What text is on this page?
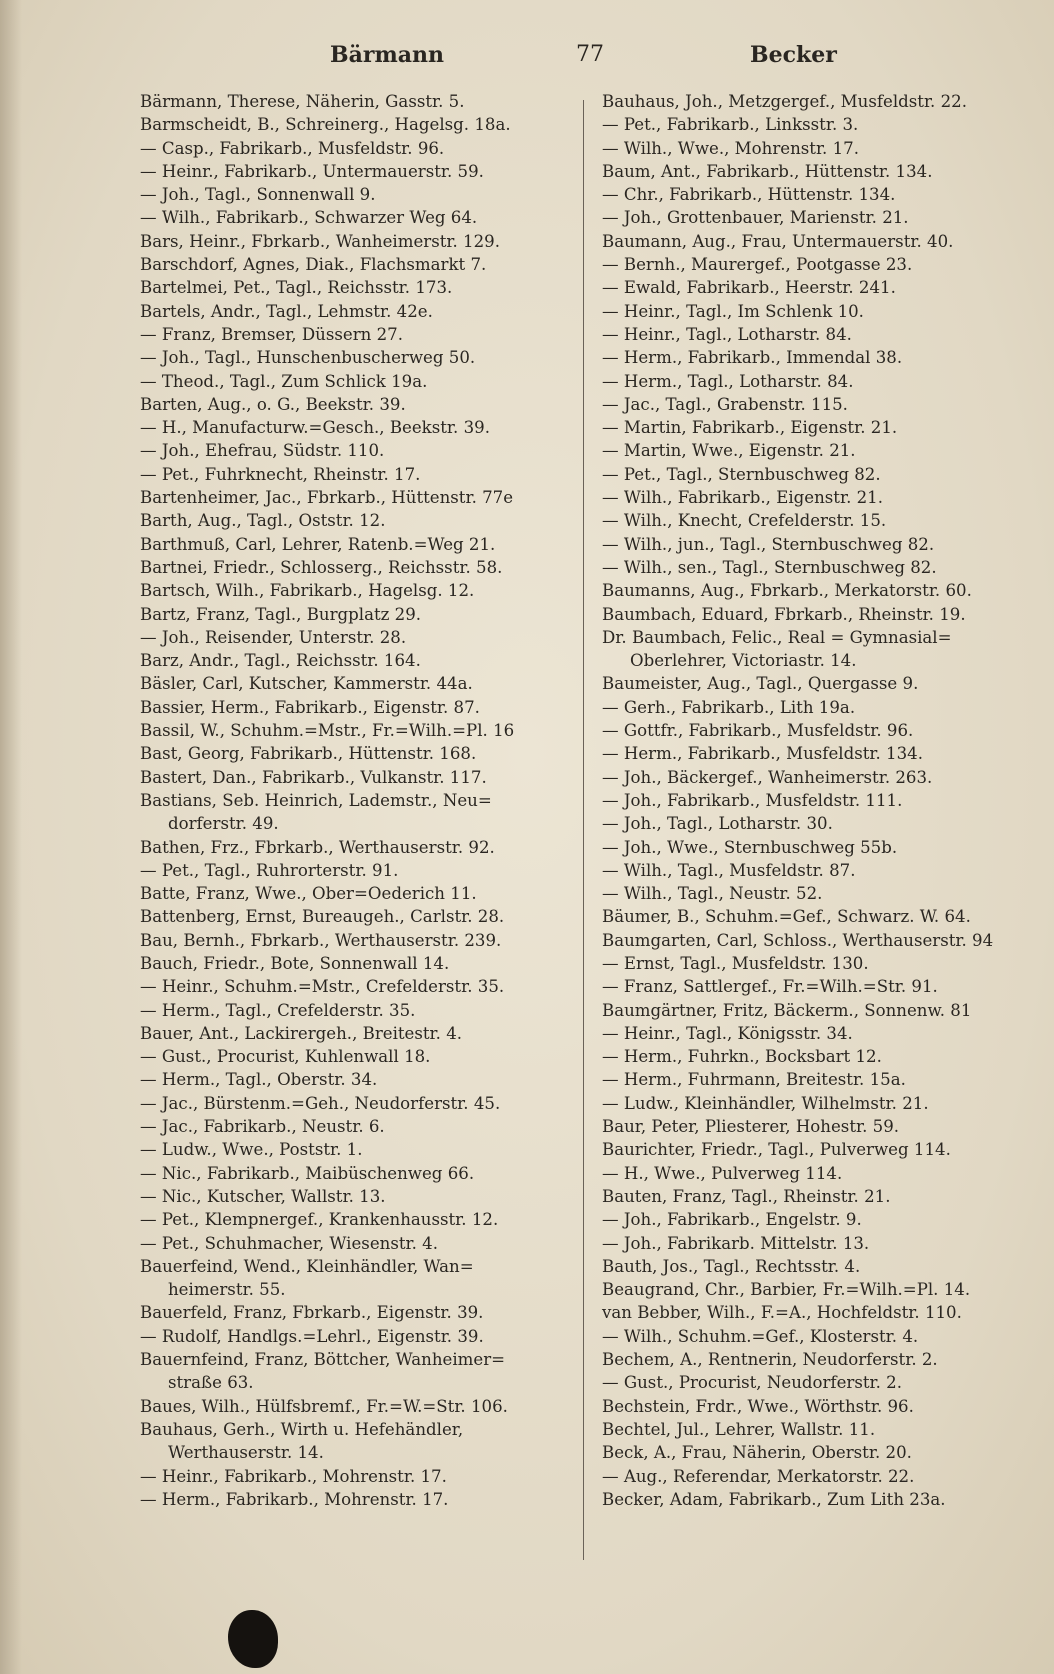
Bärmann	77	Becker
Bärmann, Therese, Näherin, Gasstr. 5.
Barmscheidt, B., Schreinerg., Hagelsg. 18a.
— Casp., Fabrikarb., Musfeldstr. 96.
— Heinr., Fabrikarb., Untermauerstr. 59.
— Joh., Tagl., Sonnenwall 9.
— Wilh., Fabrikarb., Schwarzer Weg 64.
Bars, Heinr., Fbrkarb., Wanheimerstr. 129.
Barschdorf, Agnes, Diak., Flachsmarkt 7.
Bartelmei, Pet., Tagl., Reichsstr. 173.
Bartels, Andr., Tagl., Lehmstr. 42e.
— Franz, Bremser, Düssern 27.
— Joh., Tagl., Hunschenbuscherweg 50.
— Theod., Tagl., Zum Schlick 19a.
Barten, Aug., o. G., Beekstr. 39.
— H., Manufacturw.=Gesch., Beekstr. 39.
— Joh., Ehefrau, Südstr. 110.
— Pet., Fuhrknecht, Rheinstr. 17.
Bartenheimer, Jac., Fbrkarb., Hüttenstr. 77e
Barth, Aug., Tagl., Oststr. 12.
Barthmuß, Carl, Lehrer, Ratenb.=Weg 21.
Bartnei, Friedr., Schlosserg., Reichsstr. 58.
Bartsch, Wilh., Fabrikarb., Hagelsg. 12.
Bartz, Franz, Tagl., Burgplatz 29.
— Joh., Reisender, Unterstr. 28.
Barz, Andr., Tagl., Reichsstr. 164.
Bäsler, Carl, Kutscher, Kammerstr. 44a.
Bassier, Herm., Fabrikarb., Eigenstr. 87.
Bassil, W., Schuhm.=Mstr., Fr.=Wilh.=Pl. 16
Bast, Georg, Fabrikarb., Hüttenstr. 168.
Bastert, Dan., Fabrikarb., Vulkanstr. 117.
Bastians, Seb. Heinrich, Lademstr., Neu=
dorferstr. 49.
Bathen, Frz., Fbrkarb., Werthauserstr. 92.
— Pet., Tagl., Ruhrorterstr. 91.
Batte, Franz, Wwe., Ober=Oederich 11.
Battenberg, Ernst, Bureaugeh., Carlstr. 28.
Bau, Bernh., Fbrkarb., Werthauserstr. 239.
Bauch, Friedr., Bote, Sonnenwall 14.
— Heinr., Schuhm.=Mstr., Crefelderstr. 35.
— Herm., Tagl., Crefelderstr. 35.
Bauer, Ant., Lackirergeh., Breitestr. 4.
— Gust., Procurist, Kuhlenwall 18.
— Herm., Tagl., Oberstr. 34.
— Jac., Bürstenm.=Geh., Neudorferstr. 45.
— Jac., Fabrikarb., Neustr. 6.
— Ludw., Wwe., Poststr. 1.
— Nic., Fabrikarb., Maibüschenweg 66.
— Nic., Kutscher, Wallstr. 13.
— Pet., Klempnergef., Krankenhausstr. 12.
— Pet., Schuhmacher, Wiesenstr. 4.
Bauerfeind, Wend., Kleinhändler, Wan=
heimerstr. 55.
Bauerfeld, Franz, Fbrkarb., Eigenstr. 39.
— Rudolf, Handlgs.=Lehrl., Eigenstr. 39.
Bauernfeind, Franz, Böttcher, Wanheimer=
straße 63.
Baues, Wilh., Hülfsbremf., Fr.=W.=Str. 106.
Bauhaus, Gerh., Wirth u. Hefehändler,
Werthauserstr. 14.
— Heinr., Fabrikarb., Mohrenstr. 17.
— Herm., Fabrikarb., Mohrenstr. 17.
Bauhaus, Joh., Metzgergef., Musfeldstr. 22.
— Pet., Fabrikarb., Linksstr. 3.
— Wilh., Wwe., Mohrenstr. 17.
Baum, Ant., Fabrikarb., Hüttenstr. 134.
— Chr., Fabrikarb., Hüttenstr. 134.
— Joh., Grottenbauer, Marienstr. 21.
Baumann, Aug., Frau, Untermauerstr. 40.
— Bernh., Maurergef., Pootgasse 23.
— Ewald, Fabrikarb., Heerstr. 241.
— Heinr., Tagl., Im Schlenk 10.
— Heinr., Tagl., Lotharstr. 84.
— Herm., Fabrikarb., Immendal 38.
— Herm., Tagl., Lotharstr. 84.
— Jac., Tagl., Grabenstr. 115.
— Martin, Fabrikarb., Eigenstr. 21.
— Martin, Wwe., Eigenstr. 21.
— Pet., Tagl., Sternbuschweg 82.
— Wilh., Fabrikarb., Eigenstr. 21.
— Wilh., Knecht, Crefelderstr. 15.
— Wilh., jun., Tagl., Sternbuschweg 82.
— Wilh., sen., Tagl., Sternbuschweg 82.
Baumanns, Aug., Fbrkarb., Merkatorstr. 60.
Baumbach, Eduard, Fbrkarb., Rheinstr. 19.
Dr. Baumbach, Felic., Real = Gymnasial=
Oberlehrer, Victoriastr. 14.
Baumeister, Aug., Tagl., Quergasse 9.
— Gerh., Fabrikarb., Lith 19a.
— Gottfr., Fabrikarb., Musfeldstr. 96.
— Herm., Fabrikarb., Musfeldstr. 134.
— Joh., Bäckergef., Wanheimerstr. 263.
— Joh., Fabrikarb., Musfeldstr. 111.
— Joh., Tagl., Lotharstr. 30.
— Joh., Wwe., Sternbuschweg 55b.
— Wilh., Tagl., Musfeldstr. 87.
— Wilh., Tagl., Neustr. 52.
Bäumer, B., Schuhm.=Gef., Schwarz. W. 64.
Baumgarten, Carl, Schloss., Werthauserstr. 94
— Ernst, Tagl., Musfeldstr. 130.
— Franz, Sattlergef., Fr.=Wilh.=Str. 91.
Baumgärtner, Fritz, Bäckerm., Sonnenw. 81
— Heinr., Tagl., Königsstr. 34.
— Herm., Fuhrkn., Bocksbart 12.
— Herm., Fuhrmann, Breitestr. 15a.
— Ludw., Kleinhändler, Wilhelmstr. 21.
Baur, Peter, Pliesterer, Hohestr. 59.
Baurichter, Friedr., Tagl., Pulverweg 114.
— H., Wwe., Pulverweg 114.
Bauten, Franz, Tagl., Rheinstr. 21.
— Joh., Fabrikarb., Engelstr. 9.
— Joh., Fabrikarb. Mittelstr. 13.
Bauth, Jos., Tagl., Rechtsstr. 4.
Beaugrand, Chr., Barbier, Fr.=Wilh.=Pl. 14.
van Bebber, Wilh., F.=A., Hochfeldstr. 110.
— Wilh., Schuhm.=Gef., Klosterstr. 4.
Bechem, A., Rentnerin, Neudorferstr. 2.
— Gust., Procurist, Neudorferstr. 2.
Bechstein, Frdr., Wwe., Wörthstr. 96.
Bechtel, Jul., Lehrer, Wallstr. 11.
Beck, A., Frau, Näherin, Oberstr. 20.
— Aug., Referendar, Merkatorstr. 22.
Becker, Adam, Fabrikarb., Zum Lith 23a.
